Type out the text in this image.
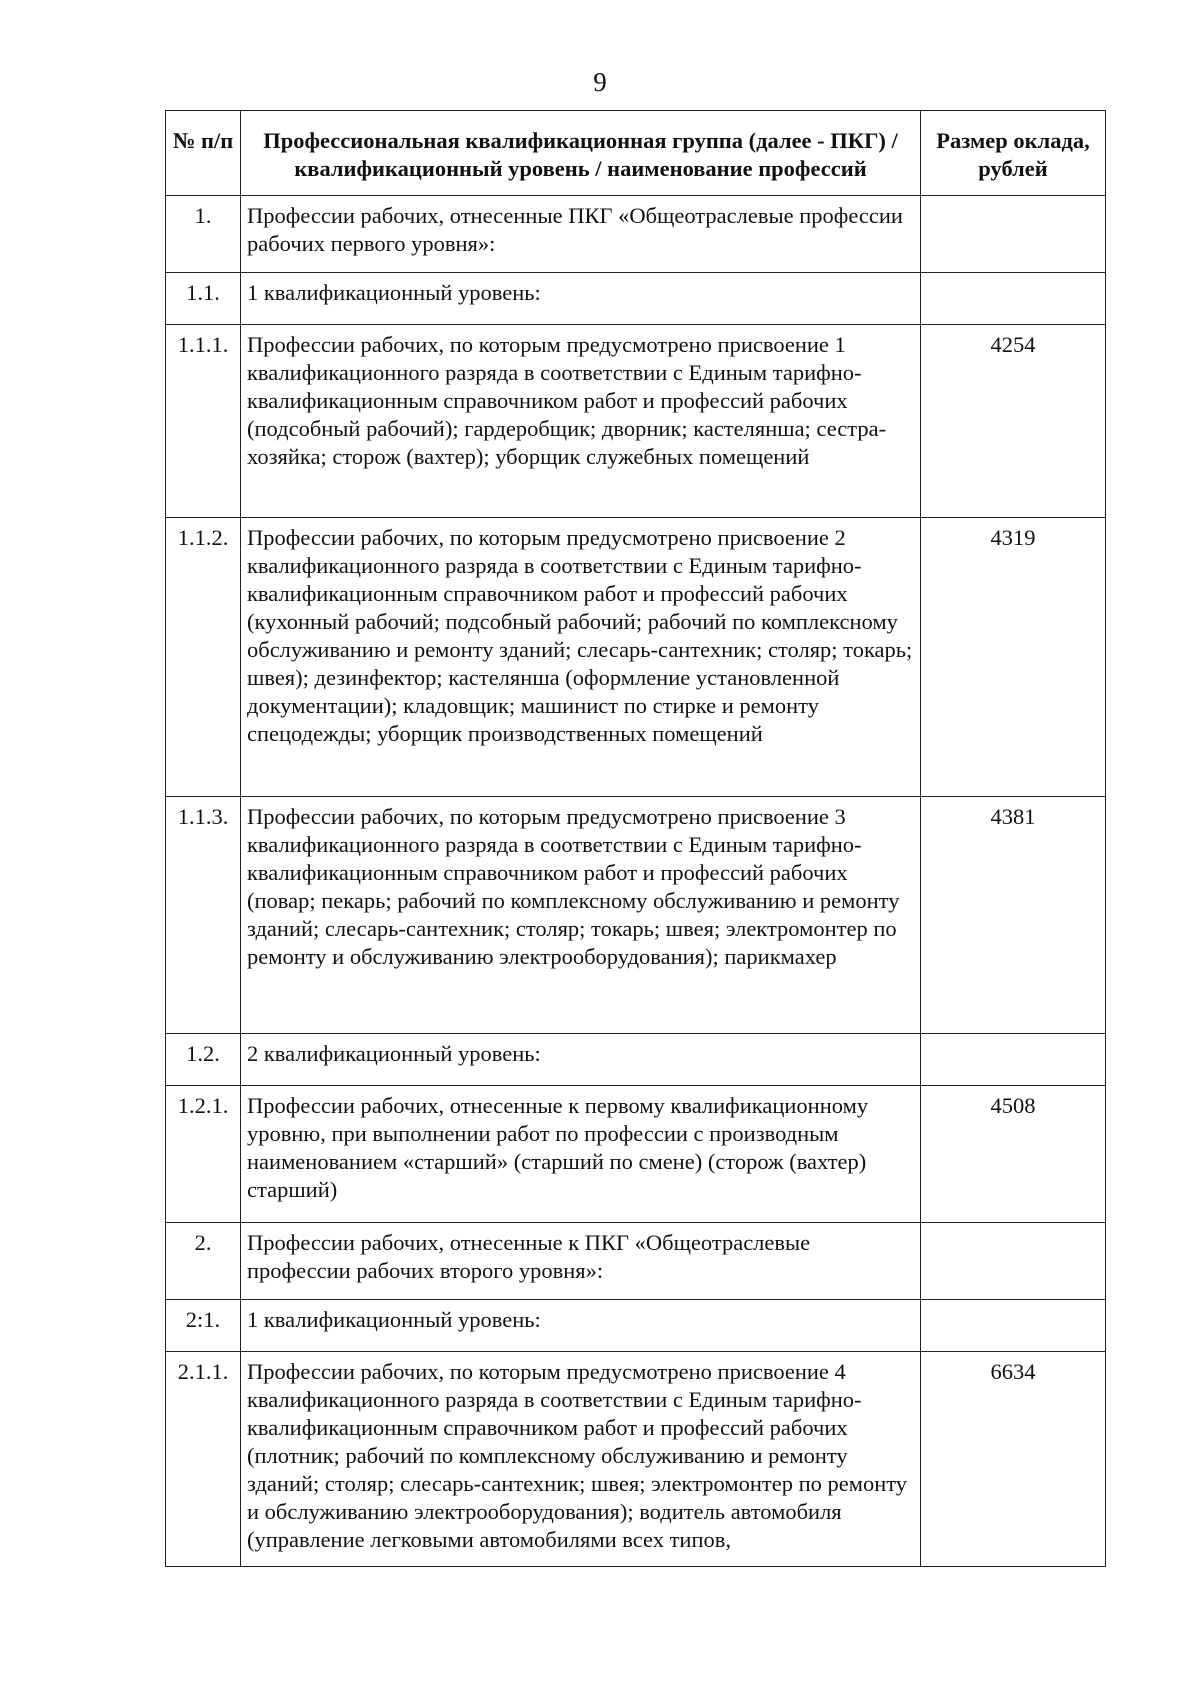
9
№ п/п	Профессиональная квалификационная группа (далее - ПКГ) / квалификационный уровень / наименование профессий	Размер оклада, рублей
1.	Профессии рабочих, отнесенные ПКГ «Общеотраслевые профессии рабочих первого уровня»:	
1.1.	1 квалификационный уровень:	
1.1.1.	Профессии рабочих, по которым предусмотрено присвоение 1 квалификационного разряда в соответствии с Единым тарифно-квалификационным справочником работ и профессий рабочих (подсобный рабочий); гардеробщик; дворник; кастелянша; сестра-хозяйка; сторож (вахтер); уборщик служебных помещений	4254
1.1.2.	Профессии рабочих, по которым предусмотрено присвоение 2 квалификационного разряда в соответствии с Единым тарифно-квалификационным справочником работ и профессий рабочих (кухонный рабочий; подсобный рабочий; рабочий по комплексному обслуживанию и ремонту зданий; слесарь-сантехник; столяр; токарь; швея); дезинфектор; кастелянша (оформление установленной документации); кладовщик; машинист по стирке и ремонту спецодежды; уборщик производственных помещений	4319
1.1.3.	Профессии рабочих, по которым предусмотрено присвоение 3 квалификационного разряда в соответствии с Единым тарифно-квалификационным справочником работ и профессий рабочих (повар; пекарь; рабочий по комплексному обслуживанию и ремонту зданий; слесарь-сантехник; столяр; токарь; швея; электромонтер по ремонту и обслуживанию электрооборудования); парикмахер	4381
1.2.	2 квалификационный уровень:	
1.2.1.	Профессии рабочих, отнесенные к первому квалификационному уровню, при выполнении работ по профессии с производным наименованием «старший» (старший по смене) (сторож (вахтер) старший)	4508
2.	Профессии рабочих, отнесенные к ПКГ «Общеотраслевые профессии рабочих второго уровня»:	
2:1.	1 квалификационный уровень:	
2.1.1.	Профессии рабочих, по которым предусмотрено присвоение 4 квалификационного разряда в соответствии с Единым тарифно-квалификационным справочником работ и профессий рабочих (плотник; рабочий по комплексному обслуживанию и ремонту зданий; столяр; слесарь-сантехник; швея; электромонтер по ремонту и обслуживанию электрооборудования); водитель автомобиля (управление легковыми автомобилями всех типов,	6634
